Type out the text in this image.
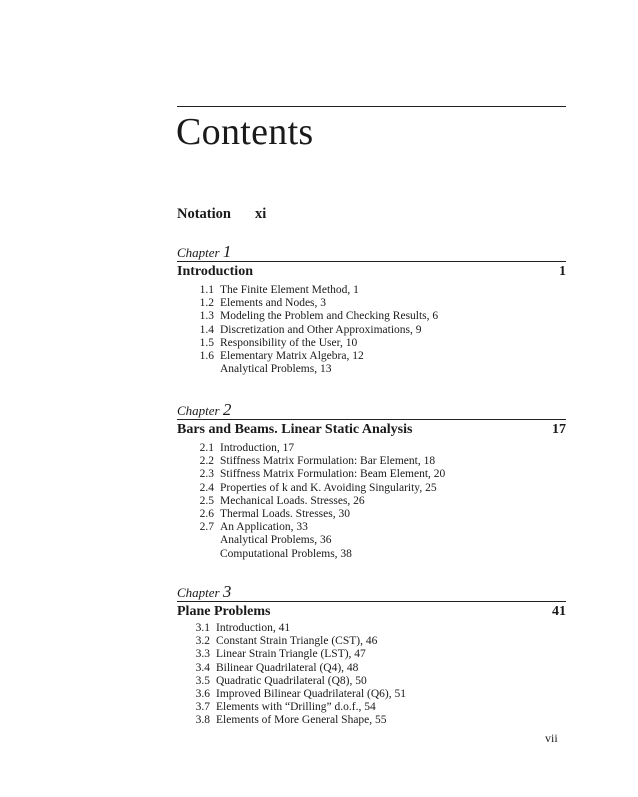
Contents
Notation xi
Chapter 1
Introduction	1
1.1 The Finite Element Method, 1
1.2 Elements and Nodes, 3
1.3 Modeling the Problem and Checking Results, 6
1.4 Discretization and Other Approximations, 9
1.5 Responsibility of the User, 10
1.6 Elementary Matrix Algebra, 12
Analytical Problems, 13
Chapter 2
Bars and Beams. Linear Static Analysis	17
2.1 Introduction, 17
2.2 Stiffness Matrix Formulation: Bar Element, 18
2.3 Stiffness Matrix Formulation: Beam Element, 20
2.4 Properties of k and K. Avoiding Singularity, 25
2.5 Mechanical Loads. Stresses, 26
2.6 Thermal Loads. Stresses, 30
2.7 An Application, 33
Analytical Problems, 36
Computational Problems, 38
Chapter 3
Plane Problems	41
3.1 Introduction, 41
3.2 Constant Strain Triangle (CST), 46
3.3 Linear Strain Triangle (LST), 47
3.4 Bilinear Quadrilateral (Q4), 48
3.5 Quadratic Quadrilateral (Q8), 50
3.6 Improved Bilinear Quadrilateral (Q6), 51
3.7 Elements with “Drilling” d.o.f., 54
3.8 Elements of More General Shape, 55
vii
